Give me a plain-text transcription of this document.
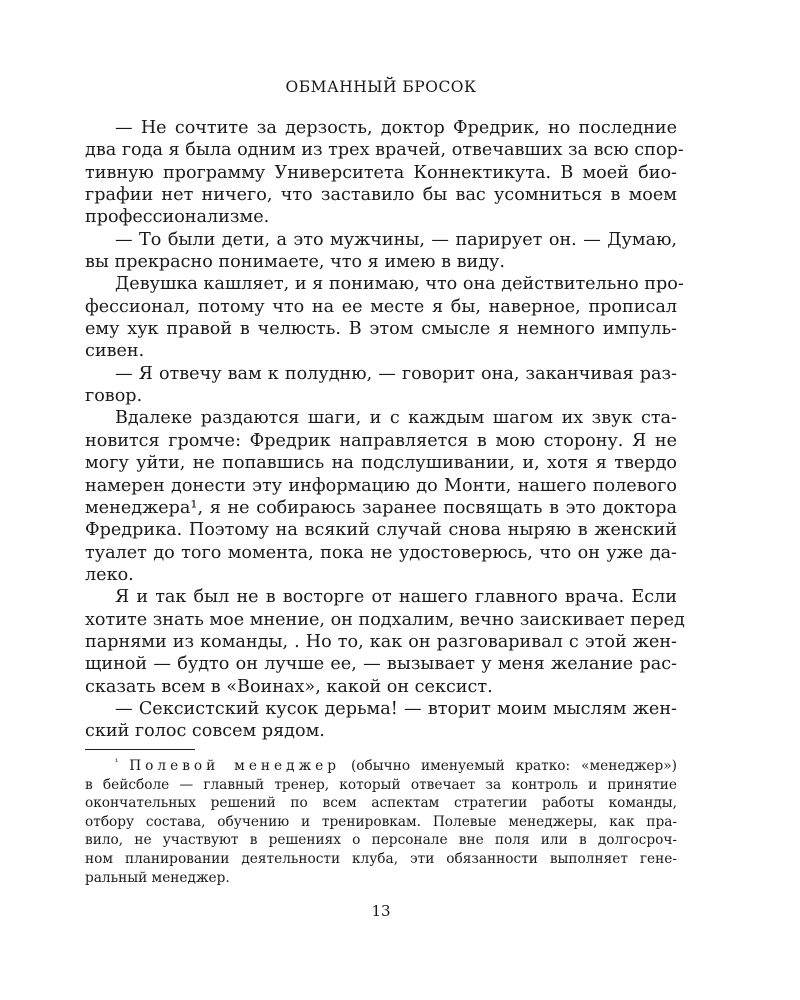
ОБМАННЫЙ БРОСОК
— Не сочтите за дерзость, доктор Фредрик, но последние
два года я была одним из трех врачей, отвечавших за всю спор-
тивную программу Университета Коннектикута. В моей био-
графии нет ничего, что заставило бы вас усомниться в моем
профессионализме.
— То были дети, а это мужчины, — парирует он. — Думаю,
вы прекрасно понимаете, что я имею в виду.
Девушка кашляет, и я понимаю, что она действительно про-
фессионал, потому что на ее месте я бы, наверное, прописал
ему хук правой в челюсть. В этом смысле я немного импуль-
сивен.
— Я отвечу вам к полудню, — говорит она, заканчивая раз-
говор.
Вдалеке раздаются шаги, и с каждым шагом их звук ста-
новится громче: Фредрик направляется в мою сторону. Я не
могу уйти, не попавшись на подслушивании, и, хотя я твердо
намерен донести эту информацию до Монти, нашего полевого
менеджера¹, я не собираюсь заранее посвящать в это доктора
Фредрика. Поэтому на всякий случай снова ныряю в женский
туалет до того момента, пока не удостоверюсь, что он уже да-
леко.
Я и так был не в восторге от нашего главного врача. Если
хотите знать мое мнение, он подхалим, вечно заискивает перед
парнями из команды, . Но то, как он разговаривал с этой жен-
щиной — будто он лучше ее, — вызывает у меня желание рас-
сказать всем в «Воинах», какой он сексист.
— Сексистский кусок дерьма! — вторит моим мыслям жен-
ский голос совсем рядом.
$^{^1}$ Полевой менеджер (обычно именуемый кратко: «менеджер»)
в бейсболе — главный тренер, который отвечает за контроль и принятие
окончательных решений по всем аспектам стратегии работы команды,
отбору состава, обучению и тренировкам. Полевые менеджеры, как пра-
вило, не участвуют в решениях о персонале вне поля или в долгосроч-
ном планировании деятельности клуба, эти обязанности выполняет гене-
ральный менеджер.
13
